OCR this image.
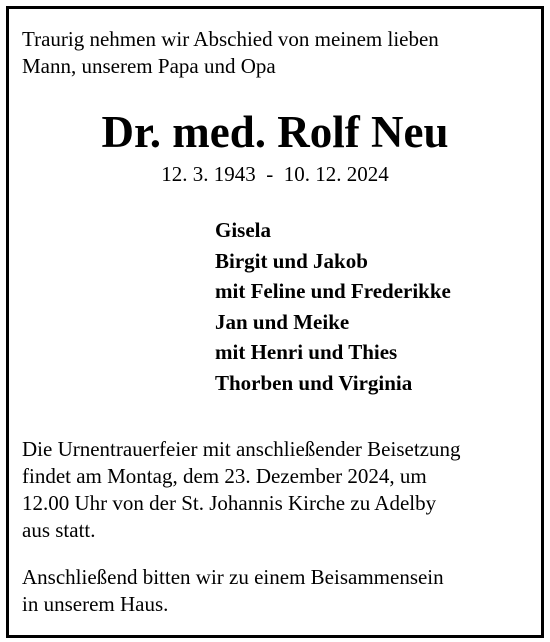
Traurig nehmen wir Abschied von meinem lieben
Mann, unserem Papa und Opa
Dr. med. Rolf Neu
12. 3. 1943  -  10. 12. 2024
Gisela
Birgit und Jakob
mit Feline und Frederikke
Jan und Meike
mit Henri und Thies
Thorben und Virginia
Die Urnentrauerfeier mit anschließender Beisetzung
findet am Montag, dem 23. Dezember 2024, um
12.00 Uhr von der St. Johannis Kirche zu Adelby
aus statt.
Anschließend bitten wir zu einem Beisammensein
in unserem Haus.
